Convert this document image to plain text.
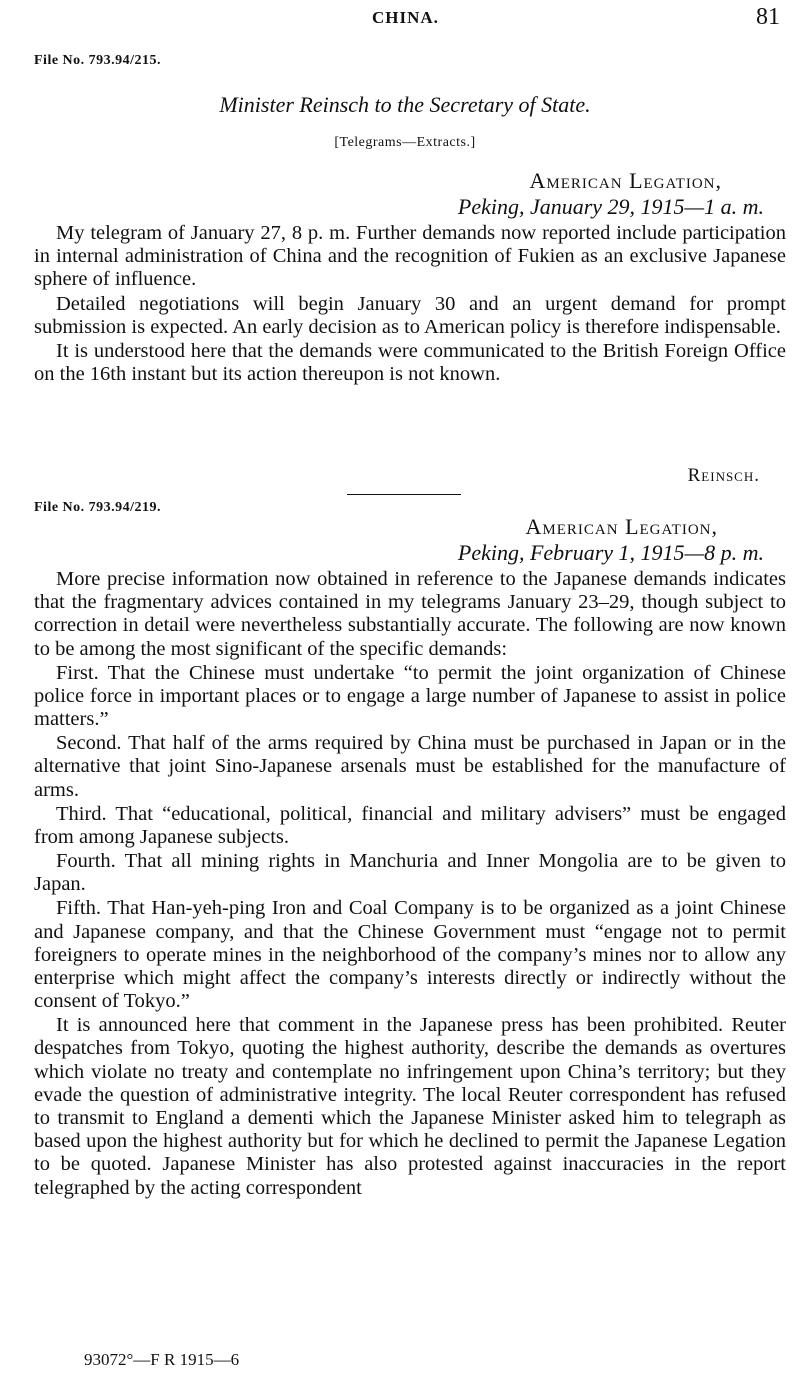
CHINA.	81
File No. 793.94/215.
Minister Reinsch to the Secretary of State.
[Telegrams—Extracts.]
American Legation,
Peking, January 29, 1915—1 a. m.

My telegram of January 27, 8 p. m. Further demands now reported include participation in internal administration of China and the recognition of Fukien as an exclusive Japanese sphere of influence.

Detailed negotiations will begin January 30 and an urgent demand for prompt submission is expected. An early decision as to American policy is therefore indispensable.

It is understood here that the demands were communicated to the British Foreign Office on the 16th instant but its action thereupon is not known.

Reinsch.
File No. 793.94/219.
American Legation,
Peking, February 1, 1915—8 p. m.

More precise information now obtained in reference to the Japanese demands indicates that the fragmentary advices contained in my telegrams January 23–29, though subject to correction in detail were nevertheless substantially accurate. The following are now known to be among the most significant of the specific demands:

First. That the Chinese must undertake “to permit the joint organization of Chinese police force in important places or to engage a large number of Japanese to assist in police matters.”

Second. That half of the arms required by China must be purchased in Japan or in the alternative that joint Sino-Japanese arsenals must be established for the manufacture of arms.

Third. That “educational, political, financial and military advisers” must be engaged from among Japanese subjects.

Fourth. That all mining rights in Manchuria and Inner Mongolia are to be given to Japan.

Fifth. That Han-yeh-ping Iron and Coal Company is to be organized as a joint Chinese and Japanese company, and that the Chinese Government must “engage not to permit foreigners to operate mines in the neighborhood of the company’s mines nor to allow any enterprise which might affect the company’s interests directly or indirectly without the consent of Tokyo.”

It is announced here that comment in the Japanese press has been prohibited. Reuter despatches from Tokyo, quoting the highest authority, describe the demands as overtures which violate no treaty and contemplate no infringement upon China’s territory; but they evade the question of administrative integrity. The local Reuter correspondent has refused to transmit to England a dementi which the Japanese Minister asked him to telegraph as based upon the highest authority but for which he declined to permit the Japanese Legation to be quoted. Japanese Minister has also protested against inaccuracies in the report telegraphed by the acting correspondent

93072°—F R 1915—6
